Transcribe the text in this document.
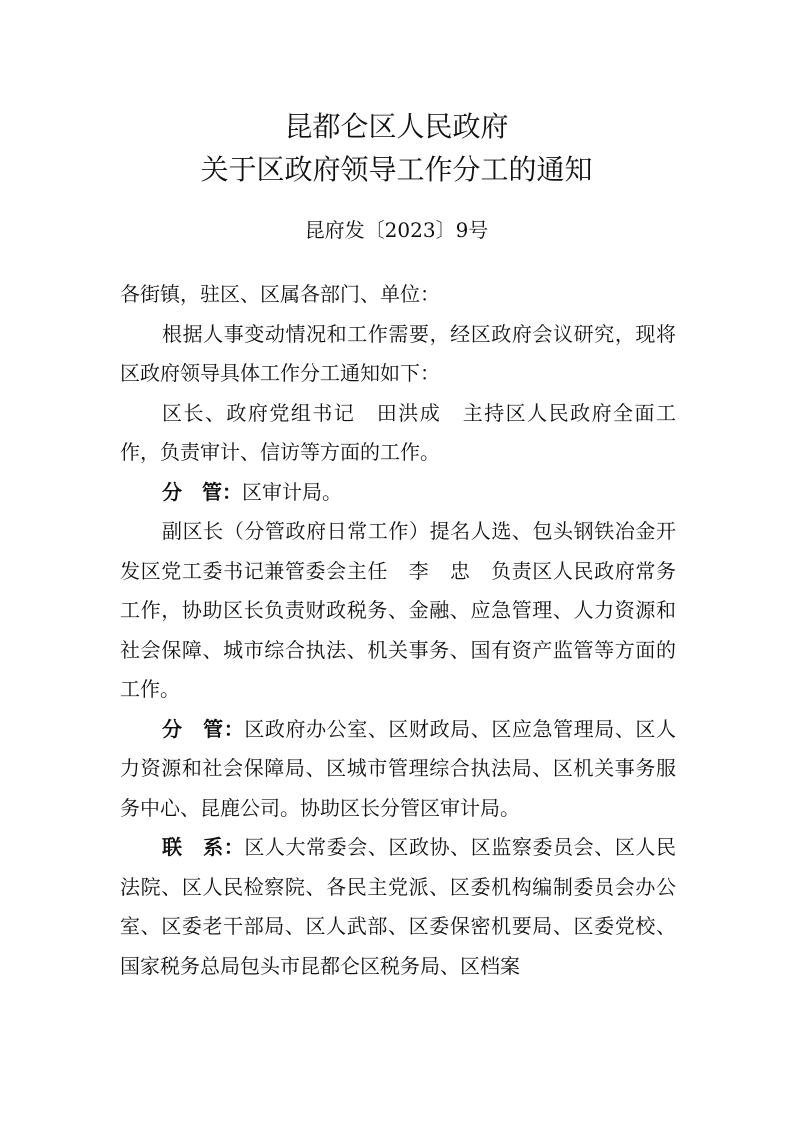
昆都仑区人民政府
关于区政府领导工作分工的通知
昆府发〔2023〕9号

各街镇，驻区、区属各部门、单位：

根据人事变动情况和工作需要，经区政府会议研究，现将区政府领导具体工作分工通知如下：

区长、政府党组书记　田洪成　主持区人民政府全面工作，负责审计、信访等方面的工作。

分　管：区审计局。

副区长（分管政府日常工作）提名人选、包头钢铁冶金开发区党工委书记兼管委会主任　李　忠　负责区人民政府常务工作，协助区长负责财政税务、金融、应急管理、人力资源和社会保障、城市综合执法、机关事务、国有资产监管等方面的工作。

分　管：区政府办公室、区财政局、区应急管理局、区人力资源和社会保障局、区城市管理综合执法局、区机关事务服务中心、昆鹿公司。协助区长分管区审计局。

联　系：区人大常委会、区政协、区监察委员会、区人民法院、区人民检察院、各民主党派、区委机构编制委员会办公室、区委老干部局、区人武部、区委保密机要局、区委党校、国家税务总局包头市昆都仑区税务局、区档案
